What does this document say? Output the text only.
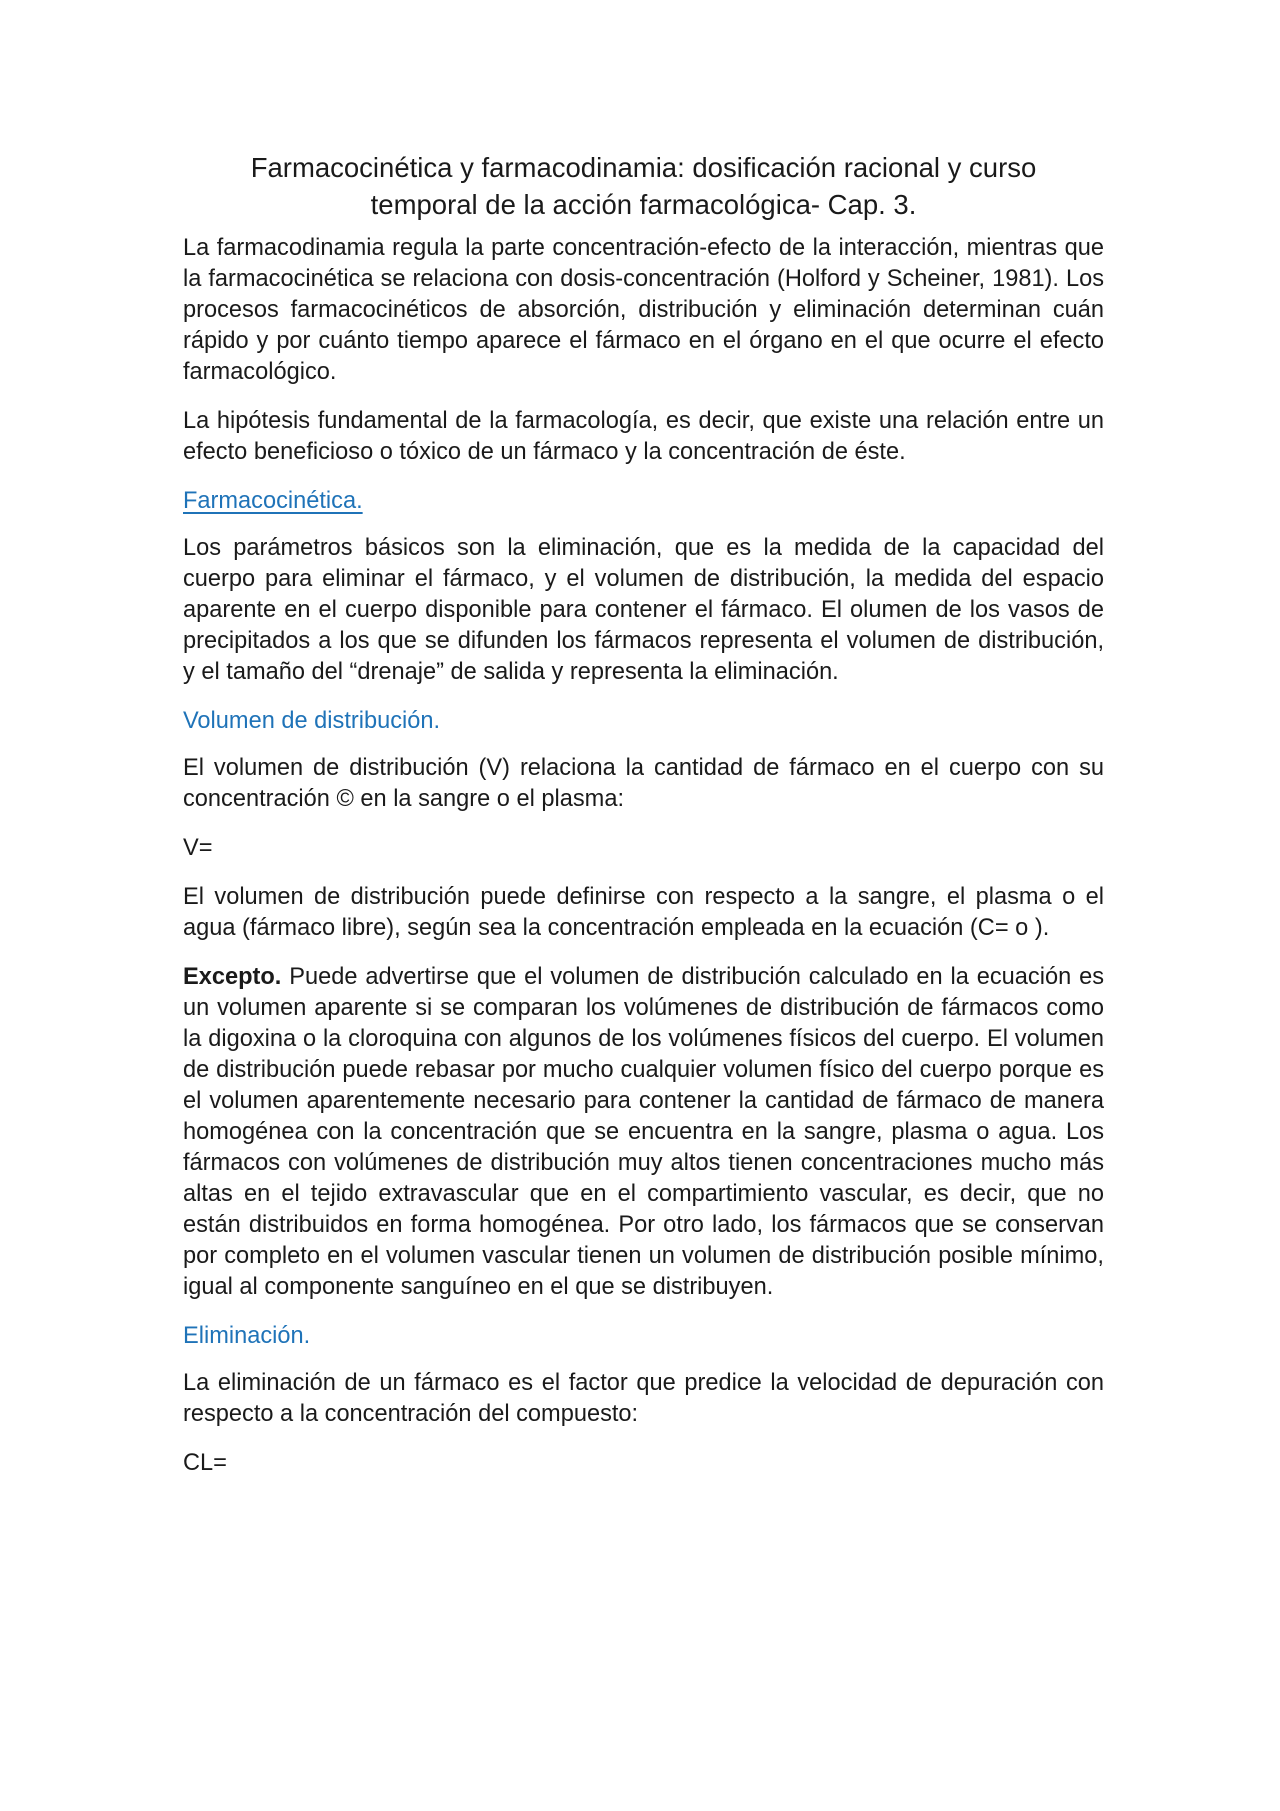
Farmacocinética y farmacodinamia: dosificación racional y curso
temporal de la acción farmacológica- Cap. 3.

La farmacodinamia regula la parte concentración-efecto de la interacción, mientras que la farmacocinética se relaciona con dosis-concentración (Holford y Scheiner, 1981). Los procesos farmacocinéticos de absorción, distribución y eliminación determinan cuán rápido y por cuánto tiempo aparece el fármaco en el órgano en el que ocurre el efecto farmacológico.

La hipótesis fundamental de la farmacología, es decir, que existe una relación entre un efecto beneficioso o tóxico de un fármaco y la concentración de éste.

Farmacocinética.

Los parámetros básicos son la eliminación, que es la medida de la capacidad del cuerpo para eliminar el fármaco, y el volumen de distribución, la medida del espacio aparente en el cuerpo disponible para contener el fármaco. El olumen de los vasos de precipitados a los que se difunden los fármacos representa el volumen de distribución, y el tamaño del “drenaje” de salida y representa la eliminación.

Volumen de distribución.

El volumen de distribución (V) relaciona la cantidad de fármaco en el cuerpo con su concentración © en la sangre o el plasma:

V=

El volumen de distribución puede definirse con respecto a la sangre, el plasma o el agua (fármaco libre), según sea la concentración empleada en la ecuación (C= o ).

Excepto. Puede advertirse que el volumen de distribución calculado en la ecuación es un volumen aparente si se comparan los volúmenes de distribución de fármacos como la digoxina o la cloroquina con algunos de los volúmenes físicos del cuerpo. El volumen de distribución puede rebasar por mucho cualquier volumen físico del cuerpo porque es el volumen aparentemente necesario para contener la cantidad de fármaco de manera homogénea con la concentración que se encuentra en la sangre, plasma o agua. Los fármacos con volúmenes de distribución muy altos tienen concentraciones mucho más altas en el tejido extravascular que en el compartimiento vascular, es decir, que no están distribuidos en forma homogénea. Por otro lado, los fármacos que se conservan por completo en el volumen vascular tienen un volumen de distribución posible mínimo, igual al componente sanguíneo en el que se distribuyen.

Eliminación.

La eliminación de un fármaco es el factor que predice la velocidad de depuración con respecto a la concentración del compuesto:

CL=
